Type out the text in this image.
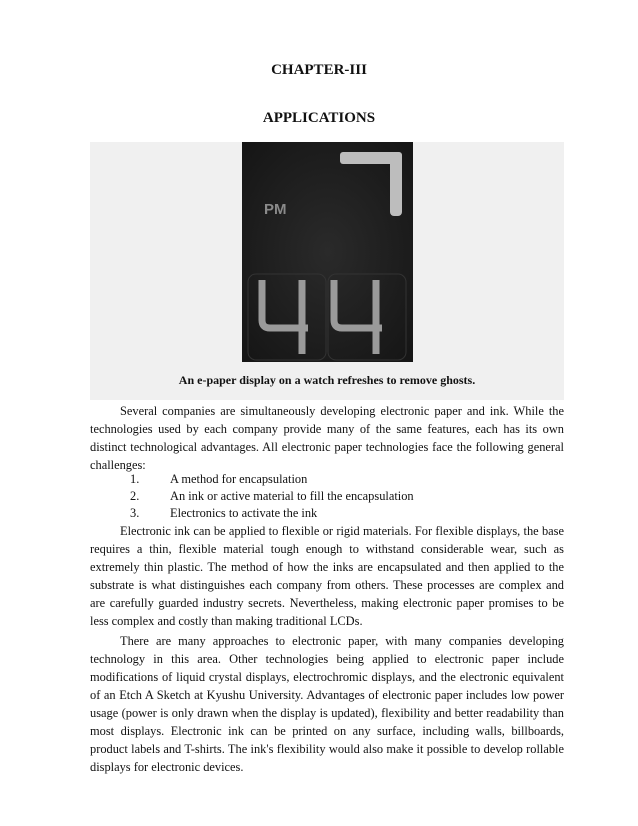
CHAPTER-III
APPLICATIONS
PM
An e-paper display on a watch refreshes to remove ghosts.

Several companies are simultaneously developing electronic paper and ink. While the technologies used by each company provide many of the same features, each has its own distinct technological advantages. All electronic paper technologies face the following general challenges:

1. A method for encapsulation
2. An ink or active material to fill the encapsulation
3. Electronics to activate the ink

Electronic ink can be applied to flexible or rigid materials. For flexible displays, the base requires a thin, flexible material tough enough to withstand considerable wear, such as extremely thin plastic. The method of how the inks are encapsulated and then applied to the substrate is what distinguishes each company from others. These processes are complex and are carefully guarded industry secrets. Nevertheless, making electronic paper promises to be less complex and costly than making traditional LCDs.

There are many approaches to electronic paper, with many companies developing technology in this area. Other technologies being applied to electronic paper include modifications of liquid crystal displays, electrochromic displays, and the electronic equivalent of an Etch A Sketch at Kyushu University. Advantages of electronic paper includes low power usage (power is only drawn when the display is updated), flexibility and better readability than most displays. Electronic ink can be printed on any surface, including walls, billboards, product labels and T-shirts. The ink's flexibility would also make it possible to develop rollable displays for electronic devices.
